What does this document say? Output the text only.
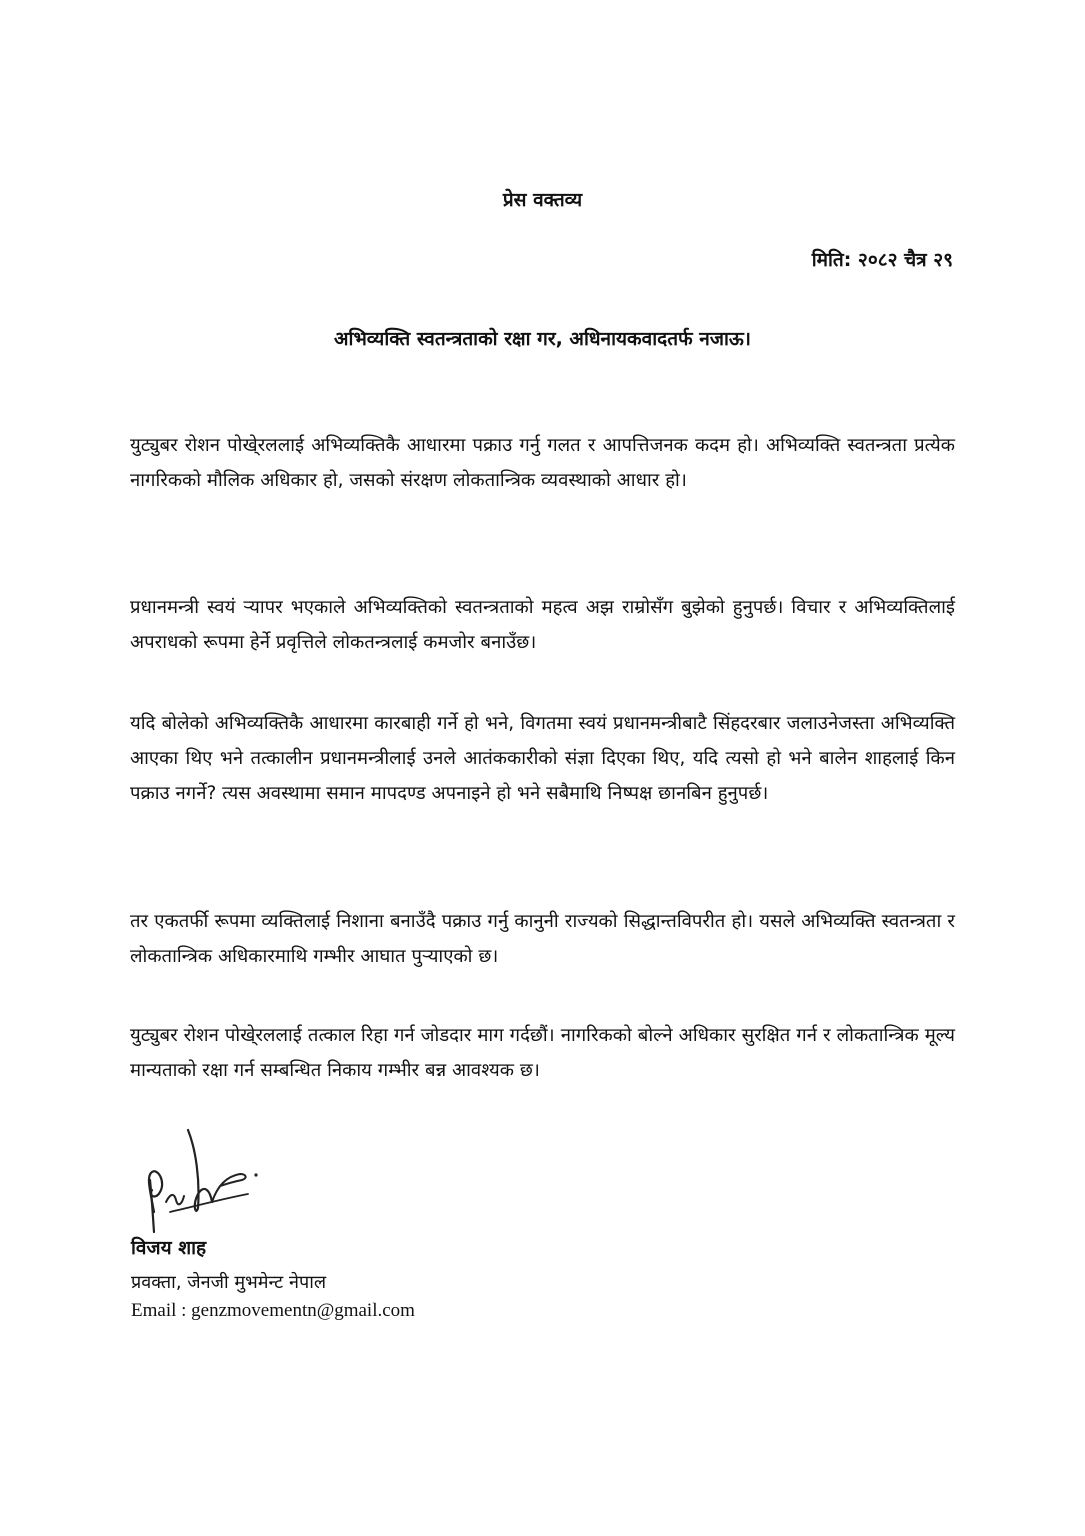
प्रेस वक्तव्य
मिति: २०८२ चैत्र २९
अभिव्यक्ति स्वतन्त्रताको रक्षा गर, अधिनायकवादतर्फ नजाऊ।

युट्युबर रोशन पोखे्रललाई अभिव्यक्तिकै आधारमा पक्राउ गर्नु गलत र आपत्तिजनक कदम हो। अभिव्यक्ति स्वतन्त्रता प्रत्येक नागरिकको मौलिक अधिकार हो, जसको संरक्षण लोकतान्त्रिक व्यवस्थाको आधार हो।

प्रधानमन्त्री स्वयं र्‍यापर भएकाले अभिव्यक्तिको स्वतन्त्रताको महत्व अझ राम्रोसँग बुझेको हुनुपर्छ। विचार र अभिव्यक्तिलाई अपराधको रूपमा हेर्ने प्रवृत्तिले लोकतन्त्रलाई कमजोर बनाउँछ।

यदि बोलेको अभिव्यक्तिकै आधारमा कारबाही गर्ने हो भने, विगतमा स्वयं प्रधानमन्त्रीबाटै सिंहदरबार जलाउनेजस्ता अभिव्यक्ति आएका थिए भने तत्कालीन प्रधानमन्त्रीलाई उनले आतंककारीको संज्ञा दिएका थिए, यदि त्यसो हो भने बालेन शाहलाई किन पक्राउ नगर्ने? त्यस अवस्थामा समान मापदण्ड अपनाइने हो भने सबैमाथि निष्पक्ष छानबिन हुनुपर्छ।

तर एकतर्फी रूपमा व्यक्तिलाई निशाना बनाउँदै पक्राउ गर्नु कानुनी राज्यको सिद्धान्तविपरीत हो। यसले अभिव्यक्ति स्वतन्त्रता र लोकतान्त्रिक अधिकारमाथि गम्भीर आघात पुर्‍याएको छ।

युट्युबर रोशन पोखे्रललाई तत्काल रिहा गर्न जोडदार माग गर्दछौं। नागरिकको बोल्ने अधिकार सुरक्षित गर्न र लोकतान्त्रिक मूल्य मान्यताको रक्षा गर्न सम्बन्धित निकाय गम्भीर बन्न आवश्यक छ।

विजय शाह
प्रवक्ता, जेनजी मुभमेन्ट नेपाल
Email : genzmovementn@gmail.com
